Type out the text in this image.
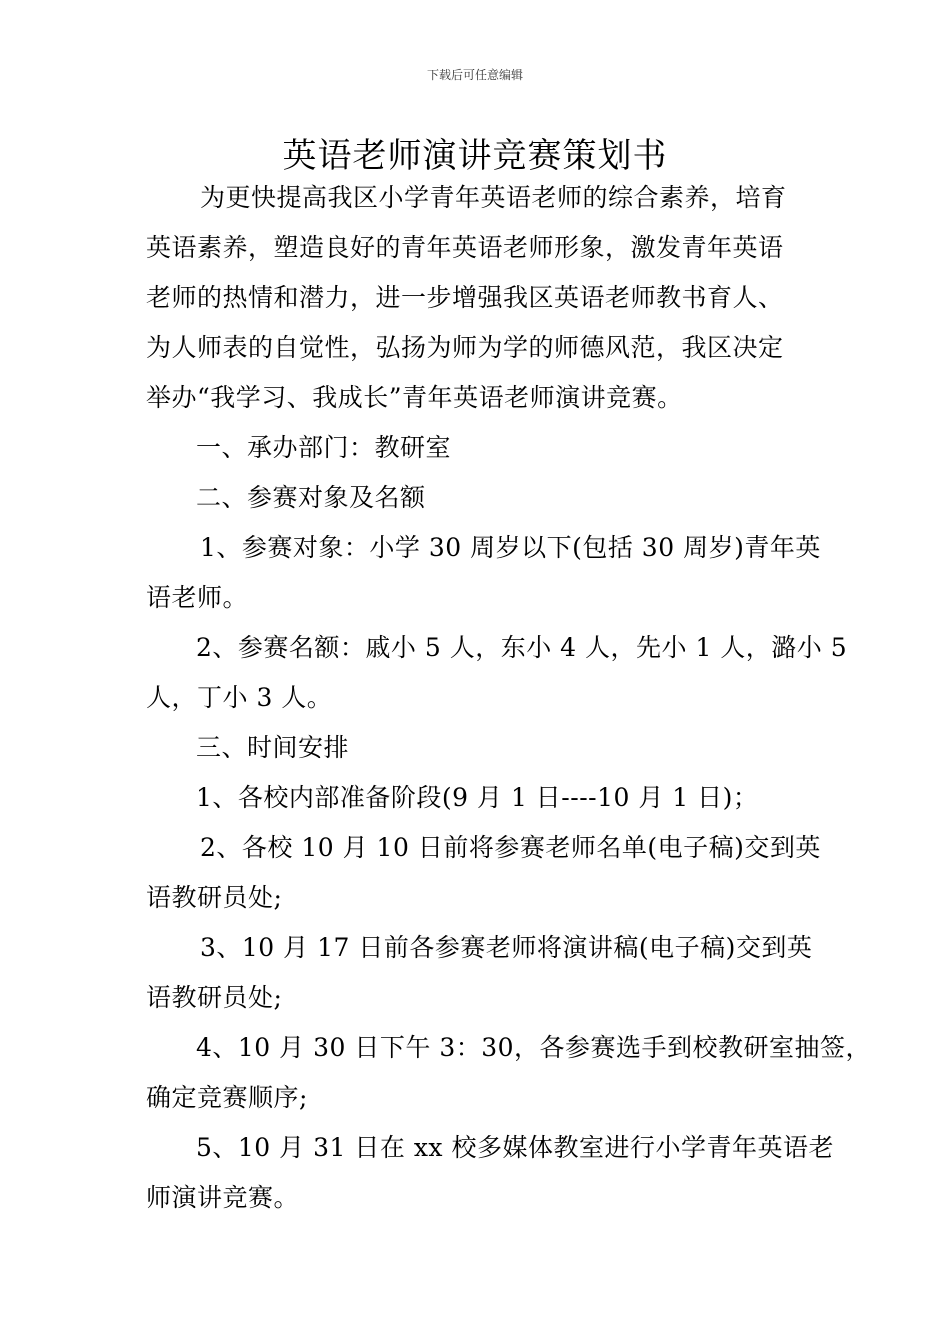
下载后可任意编辑
英语老师演讲竞赛策划书
为更快提高我区小学青年英语老师的综合素养，培育
英语素养，塑造良好的青年英语老师形象，激发青年英语
老师的热情和潜力，进一步增强我区英语老师教书育人、
为人师表的自觉性，弘扬为师为学的师德风范，我区决定
举办“我学习、我成长”青年英语老师演讲竞赛。
一、承办部门：教研室
二、参赛对象及名额
1、参赛对象：小学 30 周岁以下(包括 30 周岁)青年英
语老师。
2、参赛名额：戚小 5 人，东小 4 人，先小 1 人，潞小 5
人，丁小 3 人。
三、时间安排
1、各校内部准备阶段(9 月 1 日----10 月 1 日)；
2、各校 10 月 10 日前将参赛老师名单(电子稿)交到英
语教研员处;
3、10 月 17 日前各参赛老师将演讲稿(电子稿)交到英
语教研员处;
4、10 月 30 日下午 3：30，各参赛选手到校教研室抽签，
确定竞赛顺序;
5、10 月 31 日在 xx 校多媒体教室进行小学青年英语老
师演讲竞赛。
